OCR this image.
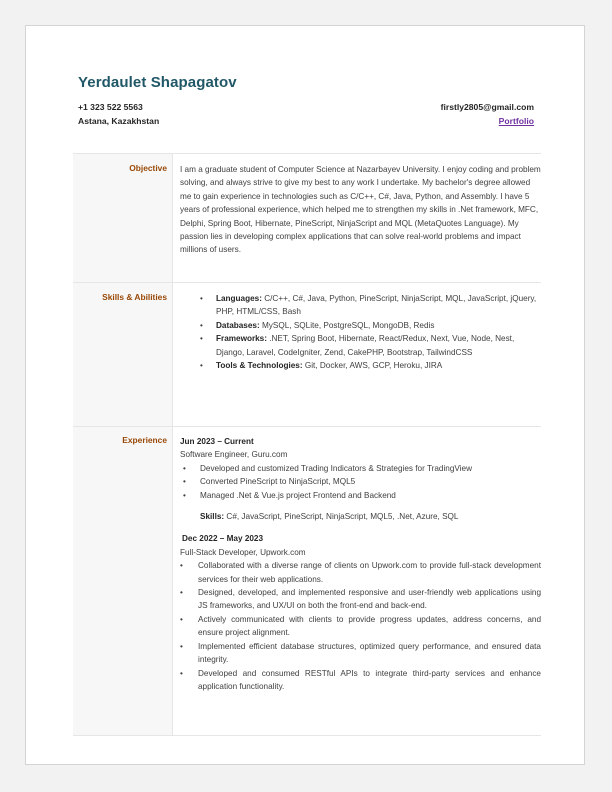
Yerdaulet Shapagatov
+1 323 522 5563
Astana, Kazakhstan
firstly2805@gmail.com
Portfolio
Objective	I am a graduate student of Computer Science at Nazarbayev University. I enjoy coding and problem solving, and always strive to give my best to any work I undertake. My bachelor's degree allowed me to gain experience in technologies such as C/C++, C#, Java, Python, and Assembly. I have 5 years of professional experience, which helped me to strengthen my skills in .Net framework, MFC, Delphi, Spring Boot, Hibernate, PineScript, NinjaScript and MQL (MetaQuotes Language). My passion lies in developing complex applications that can solve real-world problems and impact millions of users.
Skills & Abilities
•	Languages: C/C++, C#, Java, Python, PineScript, NinjaScript, MQL, JavaScript, jQuery, PHP, HTML/CSS, Bash
• Databases: MySQL, SQLite, PostgreSQL, MongoDB, Redis
• Frameworks: .NET, Spring Boot, Hibernate, React/Redux, Next, Vue, Node, Nest, Django, Laravel, CodeIgniter, Zend, CakePHP, Bootstrap, TailwindCSS
• Tools & Technologies: Git, Docker, AWS, GCP, Heroku, JIRA
Experience	Jun 2023 – Current
Software Engineer, Guru.com
• Developed and customized Trading Indicators & Strategies for TradingView
• Converted PineScript to NinjaScript, MQL5
• Managed .Net & Vue.js project Frontend and Backend
Skills: C#, JavaScript, PineScript, NinjaScript, MQL5, .Net, Azure, SQL
Dec 2022 – May 2023
Full-Stack Developer, Upwork.com
• Collaborated with a diverse range of clients on Upwork.com to provide full-stack development services for their web applications.
• Designed, developed, and implemented responsive and user-friendly web applications using JS frameworks, and UX/UI on both the front-end and back-end.
• Actively communicated with clients to provide progress updates, address concerns, and ensure project alignment.
• Implemented efficient database structures, optimized query performance, and ensured data integrity.
• Developed and consumed RESTful APIs to integrate third-party services and enhance application functionality.
